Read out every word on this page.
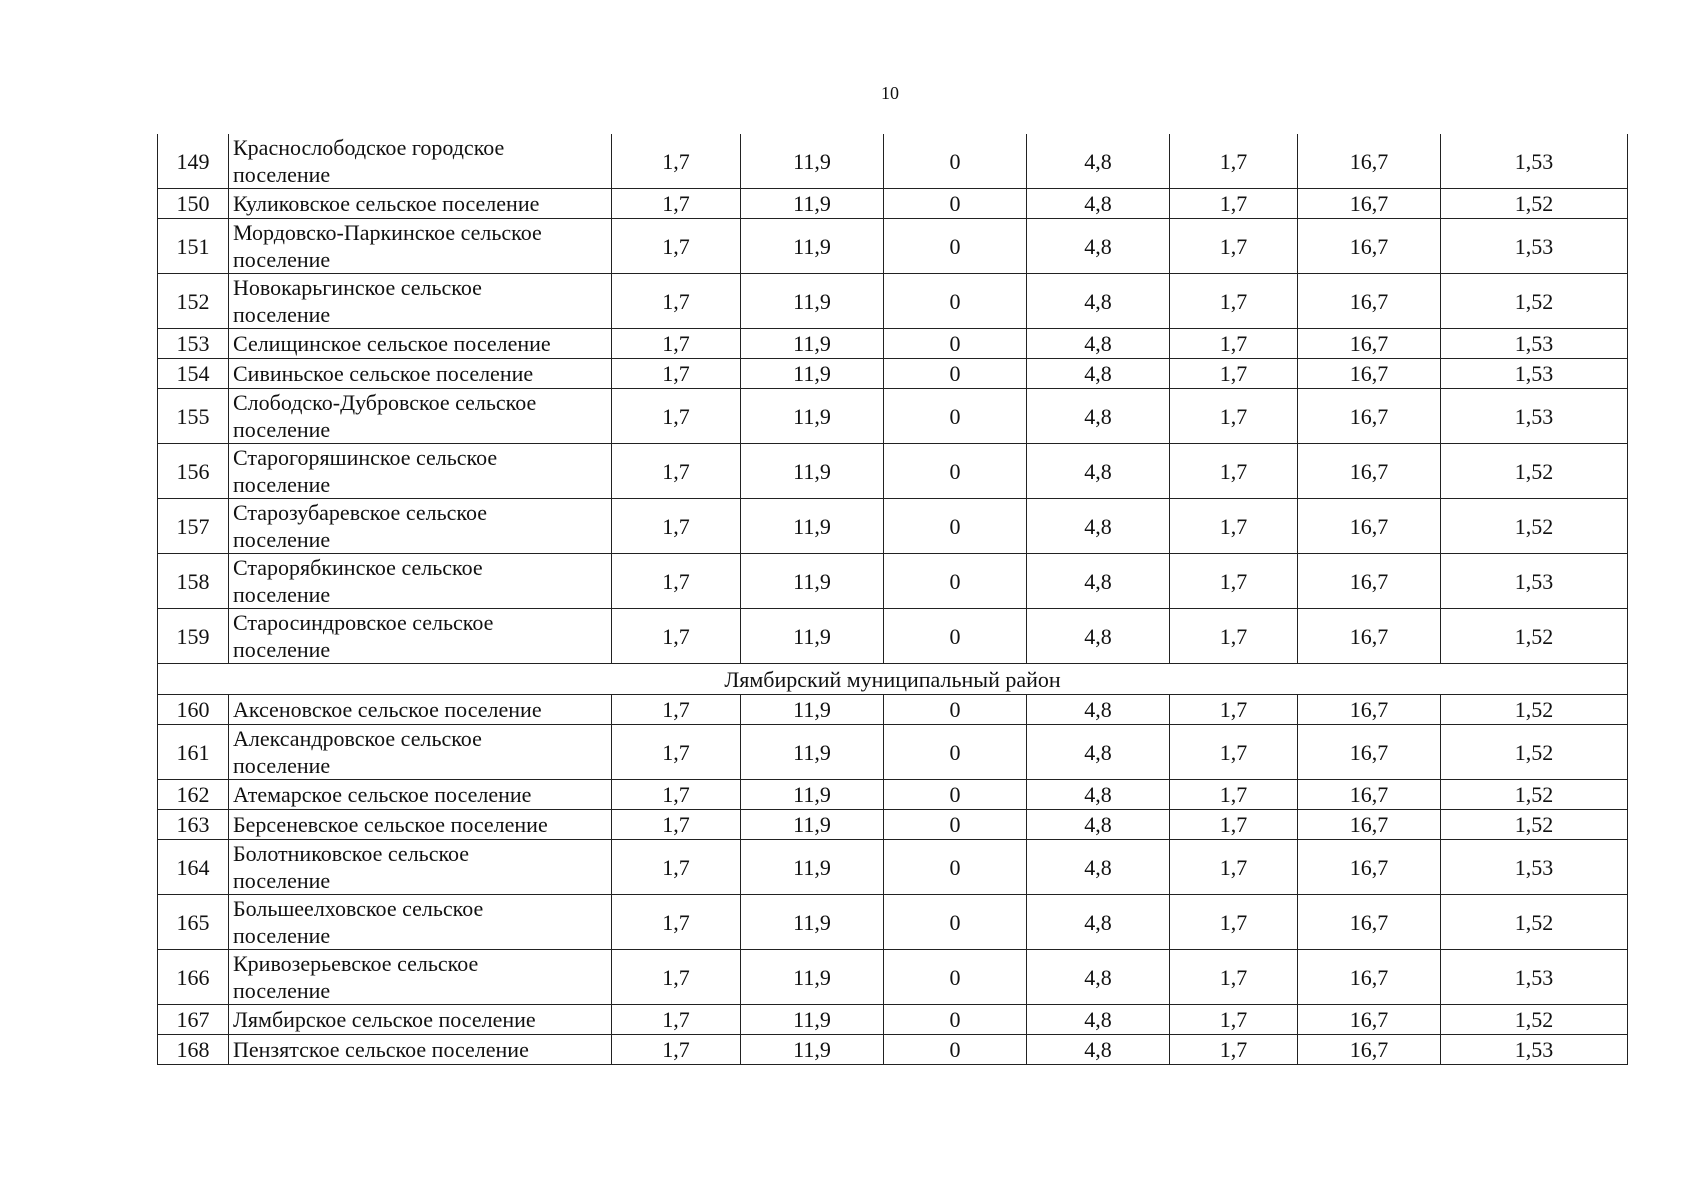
10
149	Краснослободское городское
поселение	1,7	11,9	0	4,8	1,7	16,7	1,53
150	Куликовское сельское поселение	1,7	11,9	0	4,8	1,7	16,7	1,52
151	Мордовско-Паркинское сельское
поселение	1,7	11,9	0	4,8	1,7	16,7	1,53
152	Новокарьгинское сельское
поселение	1,7	11,9	0	4,8	1,7	16,7	1,52
153	Селищинское сельское поселение	1,7	11,9	0	4,8	1,7	16,7	1,53
154	Сивиньское сельское поселение	1,7	11,9	0	4,8	1,7	16,7	1,53
155	Слободско-Дубровское сельское
поселение	1,7	11,9	0	4,8	1,7	16,7	1,53
156	Старогоряшинское сельское
поселение	1,7	11,9	0	4,8	1,7	16,7	1,52
157	Старозубаревское сельское
поселение	1,7	11,9	0	4,8	1,7	16,7	1,52
158	Старорябкинское сельское
поселение	1,7	11,9	0	4,8	1,7	16,7	1,53
159	Старосиндровское сельское
поселение	1,7	11,9	0	4,8	1,7	16,7	1,52
Лямбирский муниципальный район								
160	Аксеновское сельское поселение	1,7	11,9	0	4,8	1,7	16,7	1,52
161	Александровское сельское
поселение	1,7	11,9	0	4,8	1,7	16,7	1,52
162	Атемарское сельское поселение	1,7	11,9	0	4,8	1,7	16,7	1,52
163	Берсеневское сельское поселение	1,7	11,9	0	4,8	1,7	16,7	1,52
164	Болотниковское сельское
поселение	1,7	11,9	0	4,8	1,7	16,7	1,53
165	Большеелховское сельское
поселение	1,7	11,9	0	4,8	1,7	16,7	1,52
166	Кривозерьевское сельское
поселение	1,7	11,9	0	4,8	1,7	16,7	1,53
167	Лямбирское сельское поселение	1,7	11,9	0	4,8	1,7	16,7	1,52
168	Пензятское сельское поселение	1,7	11,9	0	4,8	1,7	16,7	1,53
